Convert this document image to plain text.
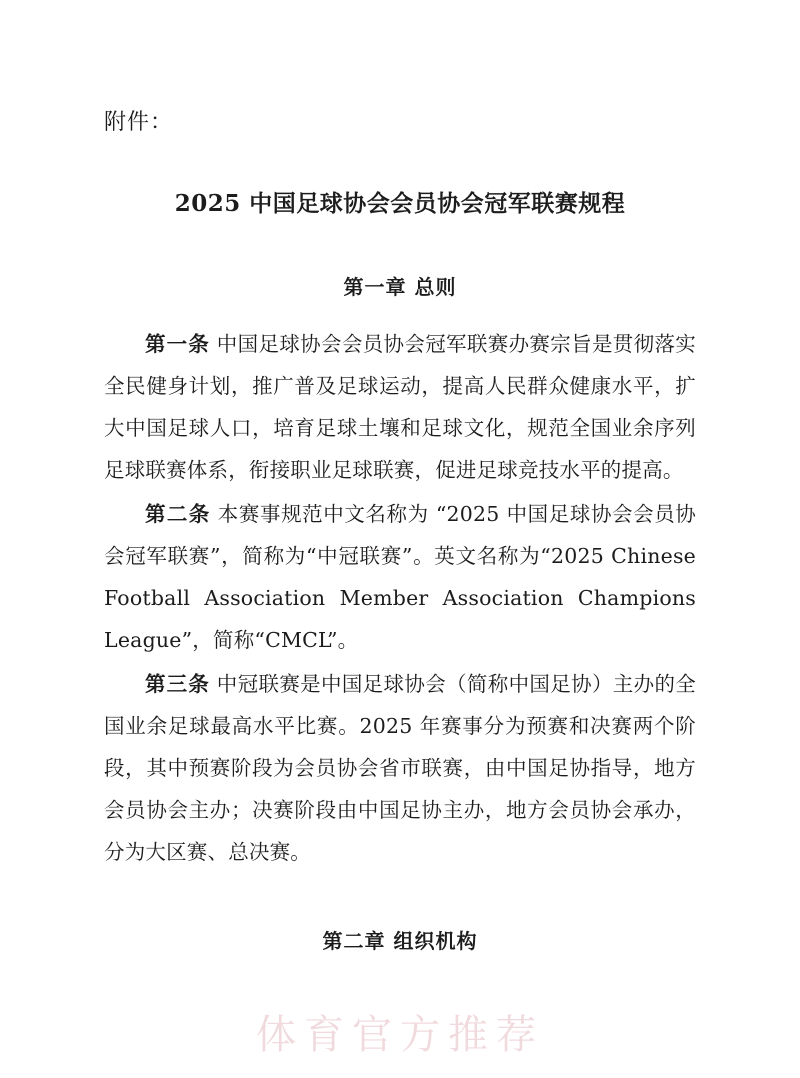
附件：
2025 中国足球协会会员协会冠军联赛规程
第一章 总则

第一条 中国足球协会会员协会冠军联赛办赛宗旨是贯彻落实全民健身计划，推广普及足球运动，提高人民群众健康水平，扩大中国足球人口，培育足球土壤和足球文化，规范全国业余序列足球联赛体系，衔接职业足球联赛，促进足球竞技水平的提高。

第二条 本赛事规范中文名称为 “2025 中国足球协会会员协会冠军联赛”，简称为“中冠联赛”。英文名称为“2025 Chinese Football Association Member Association Champions League”，简称“CMCL”。

第三条 中冠联赛是中国足球协会（简称中国足协）主办的全国业余足球最高水平比赛。2025 年赛事分为预赛和决赛两个阶段，其中预赛阶段为会员协会省市联赛，由中国足协指导，地方会员协会主办；决赛阶段由中国足协主办，地方会员协会承办，分为大区赛、总决赛。

第二章 组织机构
体育官方推荐
